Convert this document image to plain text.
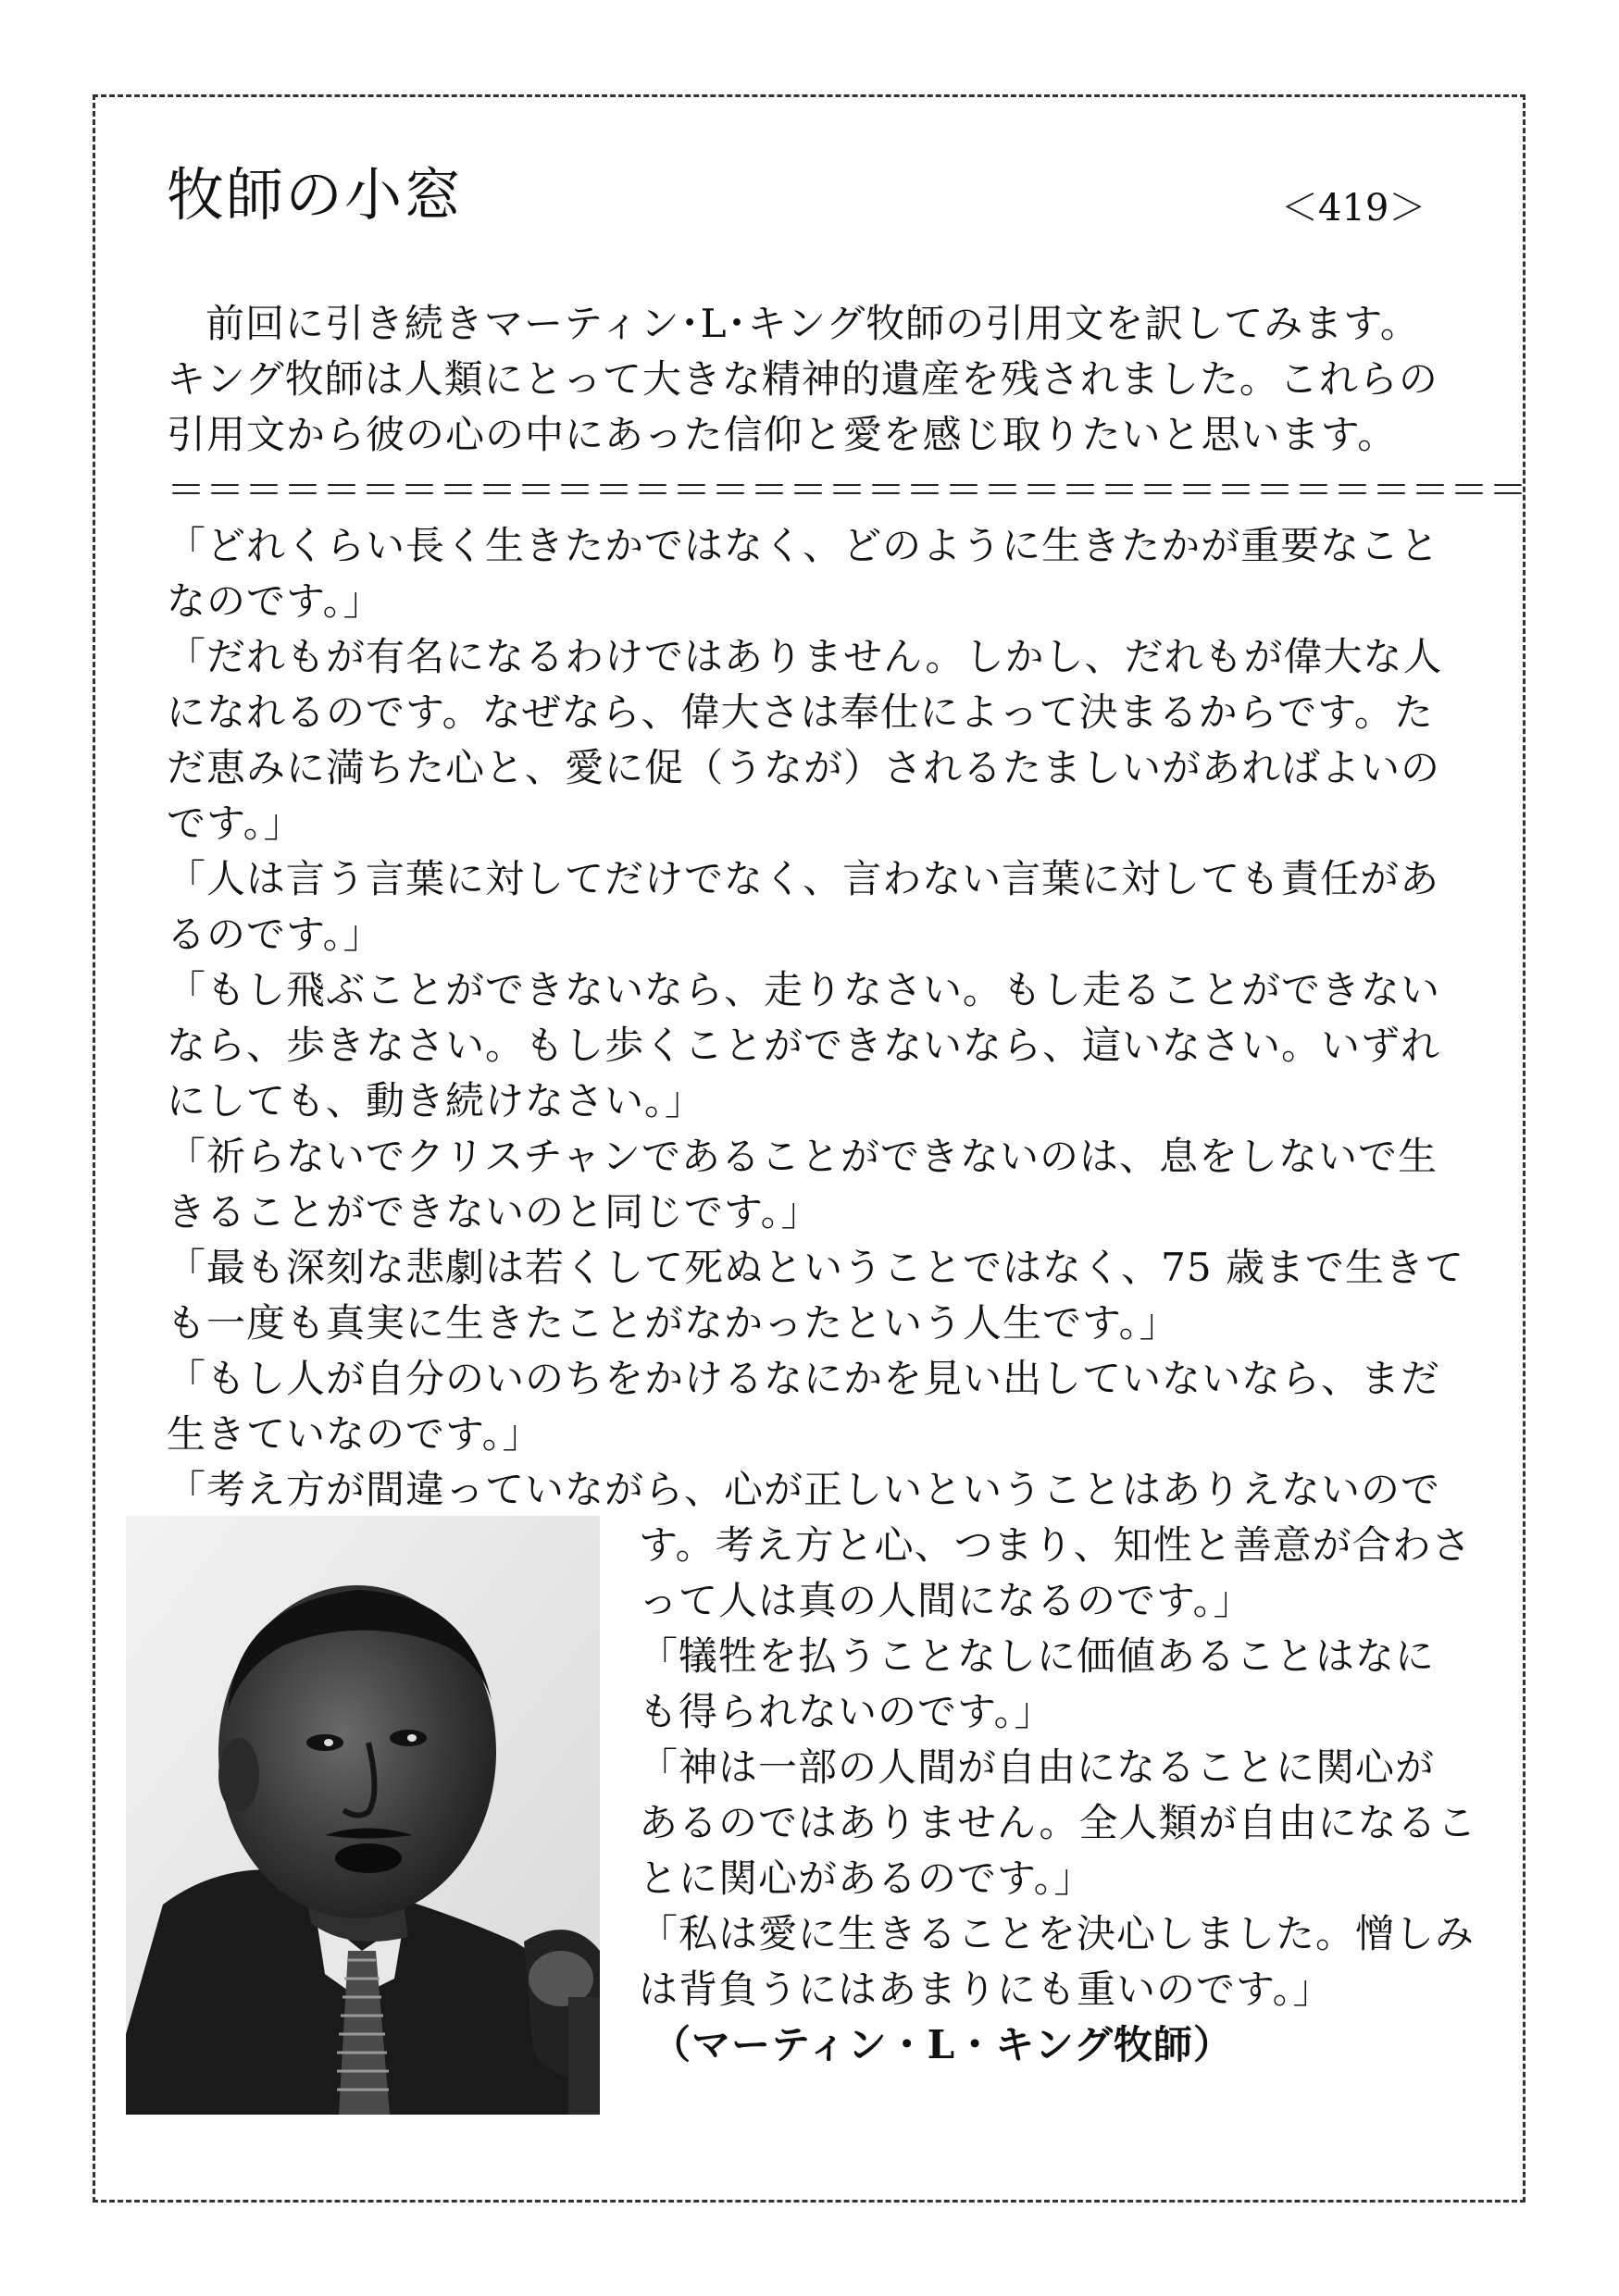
牧師の小窓	＜419＞

前回に引き続きマーティン･L･キング牧師の引用文を訳してみます。

キング牧師は人類にとって大きな精神的遺産を残されました。これらの

引用文から彼の心の中にあった信仰と愛を感じ取りたいと思います。

＝＝＝＝＝＝＝＝＝＝＝＝＝＝＝＝＝＝＝＝＝＝＝＝＝＝＝＝＝＝＝＝＝＝＝

「どれくらい長く生きたかではなく、どのように生きたかが重要なこと

なのです。」

「だれもが有名になるわけではありません。しかし、だれもが偉大な人

になれるのです。なぜなら、偉大さは奉仕によって決まるからです。た

だ恵みに満ちた心と、愛に促（うなが）されるたましいがあればよいの

です。」

「人は言う言葉に対してだけでなく、言わない言葉に対しても責任があ

るのです。」

「もし飛ぶことができないなら、走りなさい。もし走ることができない

なら、歩きなさい。もし歩くことができないなら、這いなさい。いずれ

にしても、動き続けなさい。」

「祈らないでクリスチャンであることができないのは、息をしないで生

きることができないのと同じです。」

「最も深刻な悲劇は若くして死ぬということではなく、75 歳まで生きて

も一度も真実に生きたことがなかったという人生です。」

「もし人が自分のいのちをかけるなにかを見い出していないなら、まだ

生きていなのです。」

「考え方が間違っていながら、心が正しいということはありえないので

す。考え方と心、つまり、知性と善意が合わさ

って人は真の人間になるのです。」

「犠牲を払うことなしに価値あることはなに

も得られないのです。」

「神は一部の人間が自由になることに関心が

あるのではありません。全人類が自由になるこ

とに関心があるのです。」

「私は愛に生きることを決心しました。憎しみ

は背負うにはあまりにも重いのです。」

（マーティン・L・キング牧師）
